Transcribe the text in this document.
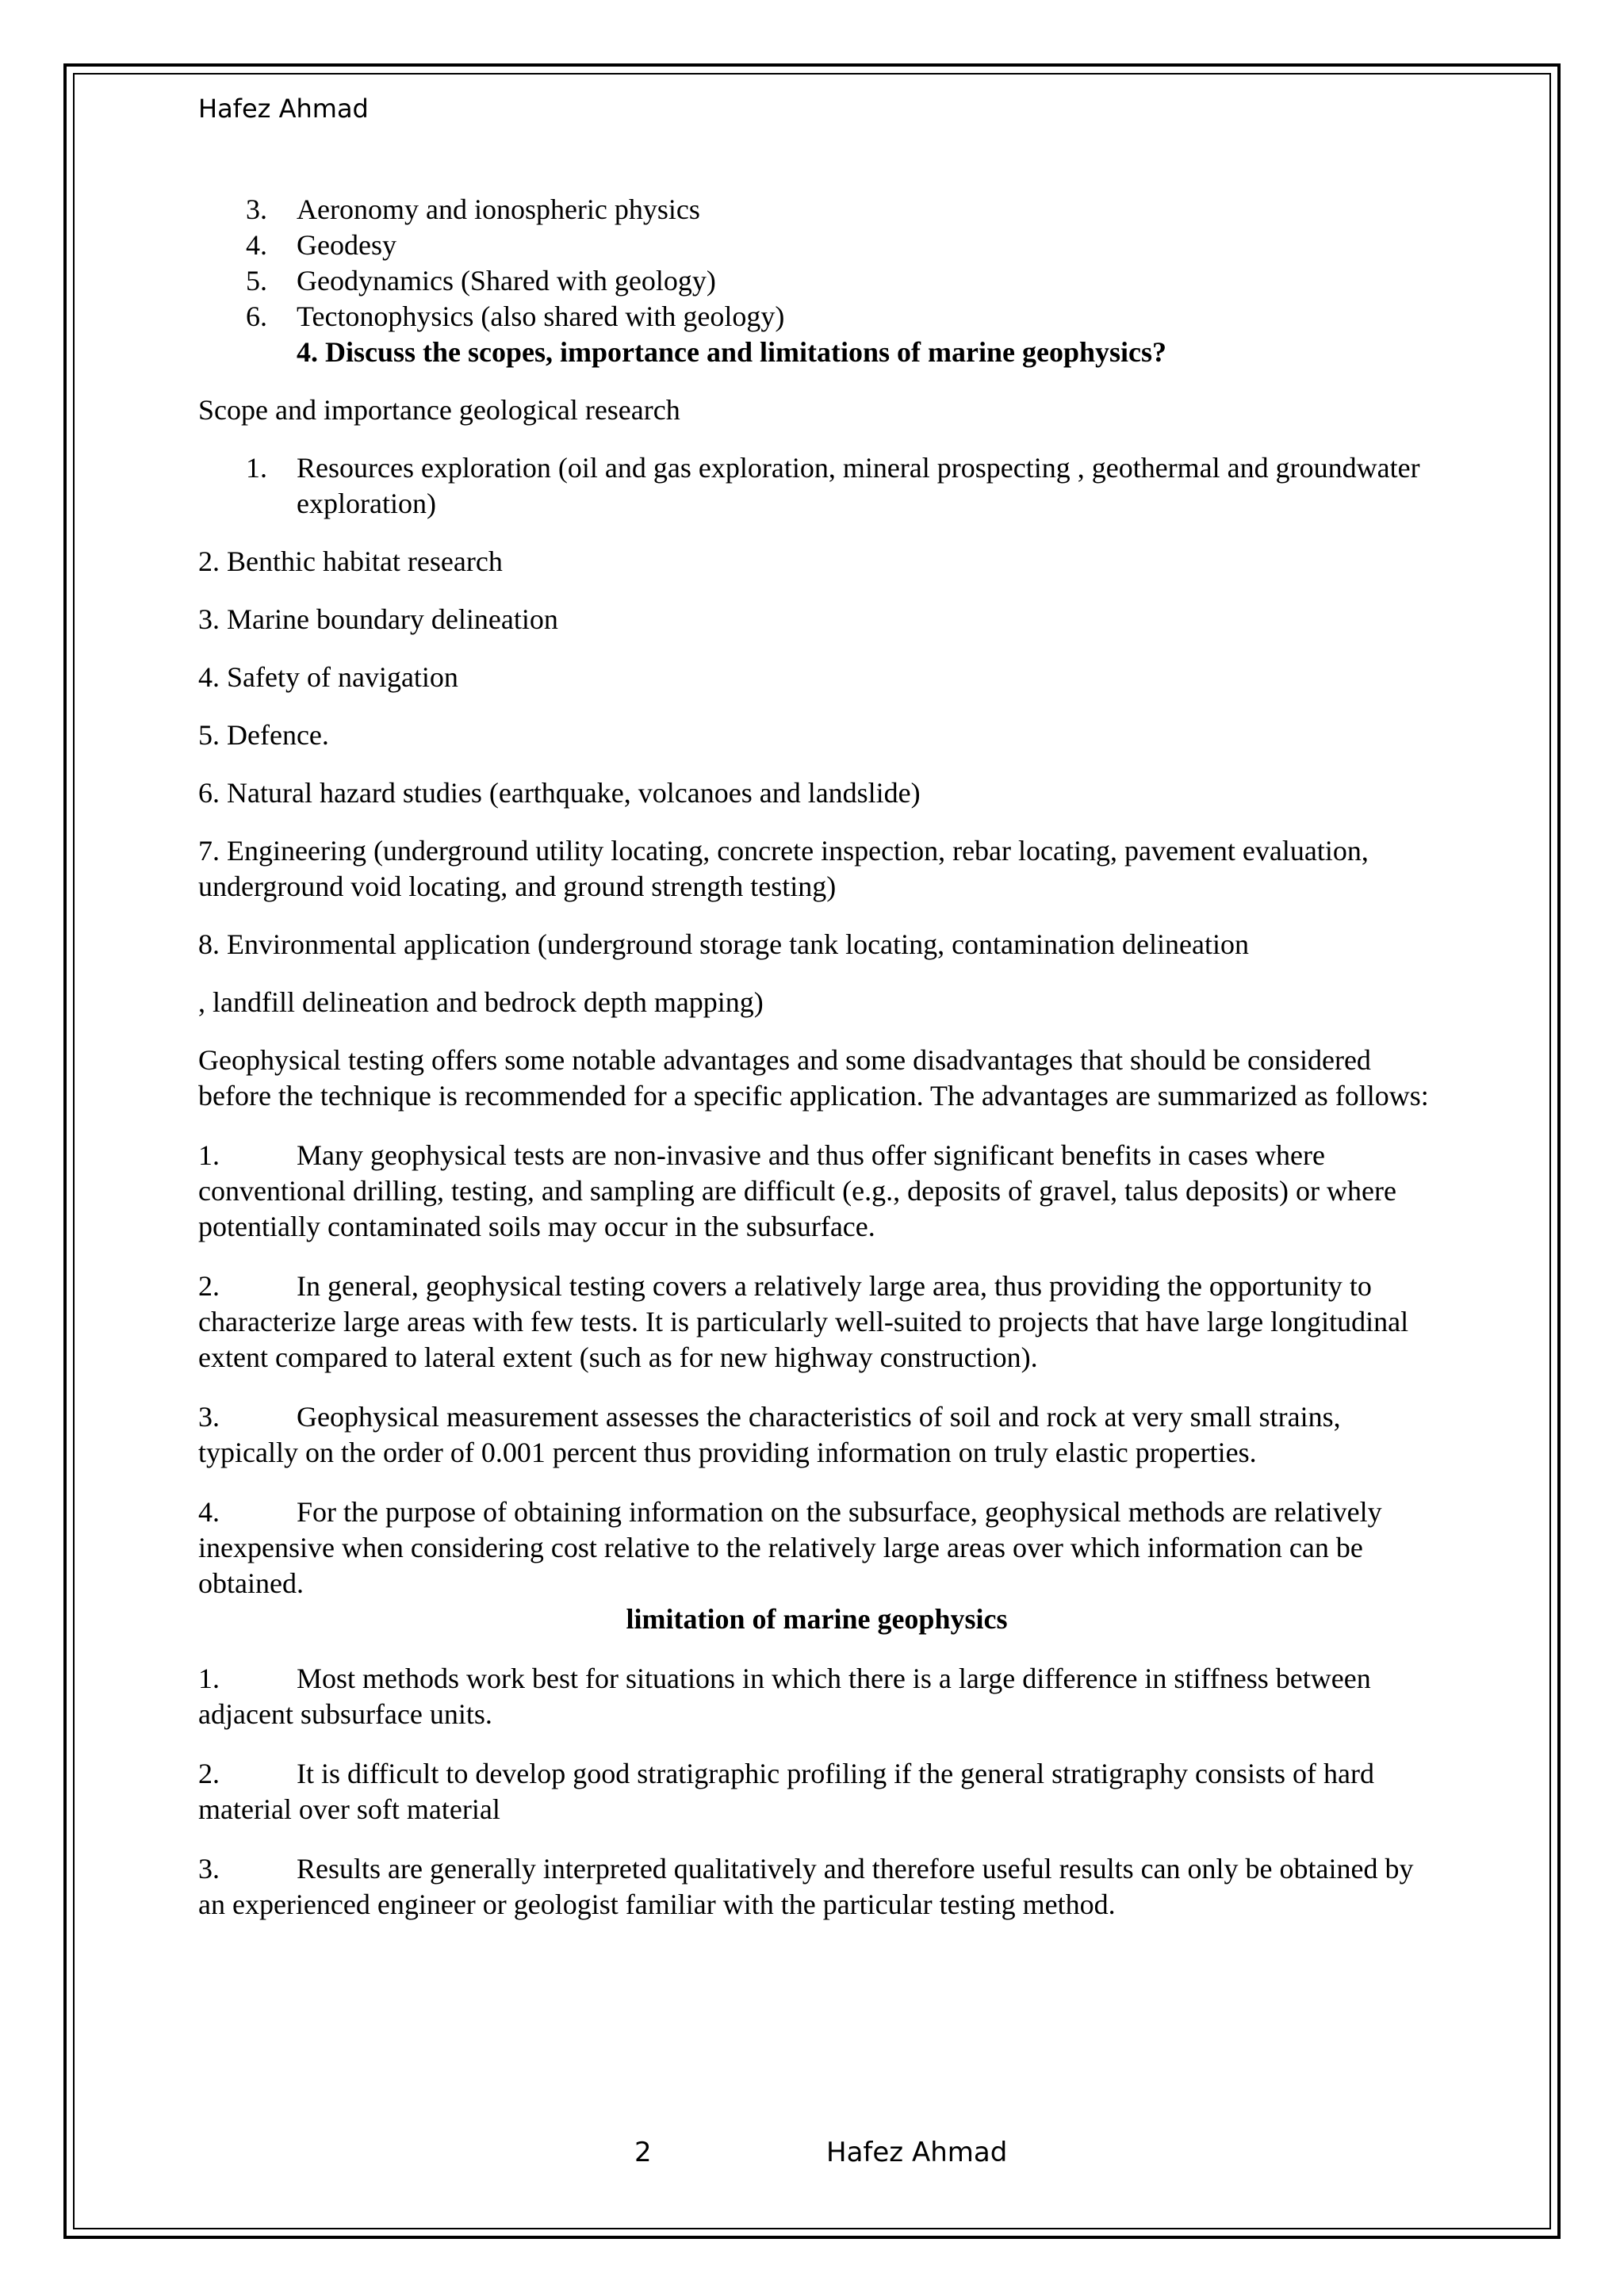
Hafez Ahmad

3. Aeronomy and ionospheric physics
4. Geodesy
5. Geodynamics (Shared with geology)
6. Tectonophysics (also shared with geology)

4. Discuss the scopes, importance and limitations of marine geophysics?

Scope and importance geological research

1. Resources exploration (oil and gas exploration, mineral prospecting , geothermal and groundwater exploration)

2. Benthic habitat research

3. Marine boundary delineation

4. Safety of navigation

5. Defence.

6. Natural hazard studies (earthquake, volcanoes and landslide)

7. Engineering (underground utility locating, concrete inspection, rebar locating, pavement evaluation, underground void locating, and ground strength testing)

8. Environmental application (underground storage tank locating, contamination delineation

, landfill delineation and bedrock depth mapping)

Geophysical testing offers some notable advantages and some disadvantages that should be considered before the technique is recommended for a specific application. The advantages are summarized as follows:

1.	Many geophysical tests are non-invasive and thus offer significant benefits in cases where conventional drilling, testing, and sampling are difficult (e.g., deposits of gravel, talus deposits) or where potentially contaminated soils may occur in the subsurface.

2.	In general, geophysical testing covers a relatively large area, thus providing the opportunity to characterize large areas with few tests. It is particularly well-suited to projects that have large longitudinal extent compared to lateral extent (such as for new highway construction).

3.	Geophysical measurement assesses the characteristics of soil and rock at very small strains, typically on the order of 0.001 percent thus providing information on truly elastic properties.

4.	For the purpose of obtaining information on the subsurface, geophysical methods are relatively inexpensive when considering cost relative to the relatively large areas over which information can be obtained.

limitation of marine geophysics

1.	Most methods work best for situations in which there is a large difference in stiffness between adjacent subsurface units.

2.	It is difficult to develop good stratigraphic profiling if the general stratigraphy consists of hard material over soft material

3.	Results are generally interpreted qualitatively and therefore useful results can only be obtained by an experienced engineer or geologist familiar with the particular testing method.

2	Hafez Ahmad
